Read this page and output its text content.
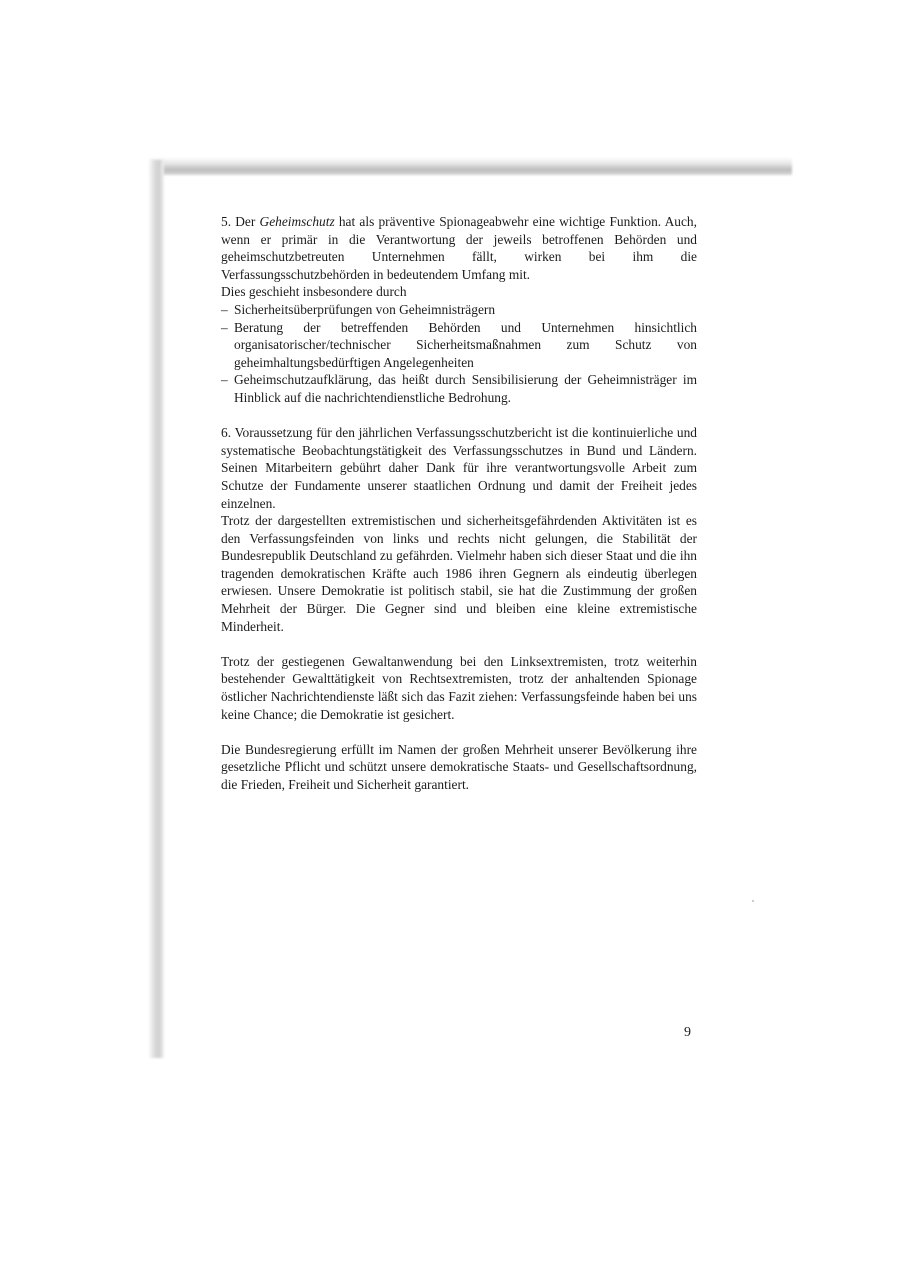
5. Der Geheimschutz hat als präventive Spionageabwehr eine wichtige Funktion. Auch, wenn er primär in die Verantwortung der jeweils betroffenen Behörden und geheimschutzbetreuten Unternehmen fällt, wirken bei ihm die Verfassungsschutzbehörden in bedeutendem Umfang mit.

Dies geschieht insbesondere durch

– Sicherheitsüberprüfungen von Geheimnisträgern
– Beratung der betreffenden Behörden und Unternehmen hinsichtlich organisatorischer/technischer Sicherheitsmaßnahmen zum Schutz von geheimhaltungsbedürftigen Angelegenheiten
– Geheimschutzaufklärung, das heißt durch Sensibilisierung der Geheimnisträger im Hinblick auf die nachrichtendienstliche Bedrohung.

6. Voraussetzung für den jährlichen Verfassungsschutzbericht ist die kontinuierliche und systematische Beobachtungstätigkeit des Verfassungsschutzes in Bund und Ländern. Seinen Mitarbeitern gebührt daher Dank für ihre verantwortungsvolle Arbeit zum Schutze der Fundamente unserer staatlichen Ordnung und damit der Freiheit jedes einzelnen.

Trotz der dargestellten extremistischen und sicherheitsgefährdenden Aktivitäten ist es den Verfassungsfeinden von links und rechts nicht gelungen, die Stabilität der Bundesrepublik Deutschland zu gefährden. Vielmehr haben sich dieser Staat und die ihn tragenden demokratischen Kräfte auch 1986 ihren Gegnern als eindeutig überlegen erwiesen. Unsere Demokratie ist politisch stabil, sie hat die Zustimmung der großen Mehrheit der Bürger. Die Gegner sind und bleiben eine kleine extremistische Minderheit.

Trotz der gestiegenen Gewaltanwendung bei den Linksextremisten, trotz weiterhin bestehender Gewalttätigkeit von Rechtsextremisten, trotz der anhaltenden Spionage östlicher Nachrichtendienste läßt sich das Fazit ziehen: Verfassungsfeinde haben bei uns keine Chance; die Demokratie ist gesichert.

Die Bundesregierung erfüllt im Namen der großen Mehrheit unserer Bevölkerung ihre gesetzliche Pflicht und schützt unsere demokratische Staats- und Gesellschaftsordnung, die Frieden, Freiheit und Sicherheit garantiert.

9
